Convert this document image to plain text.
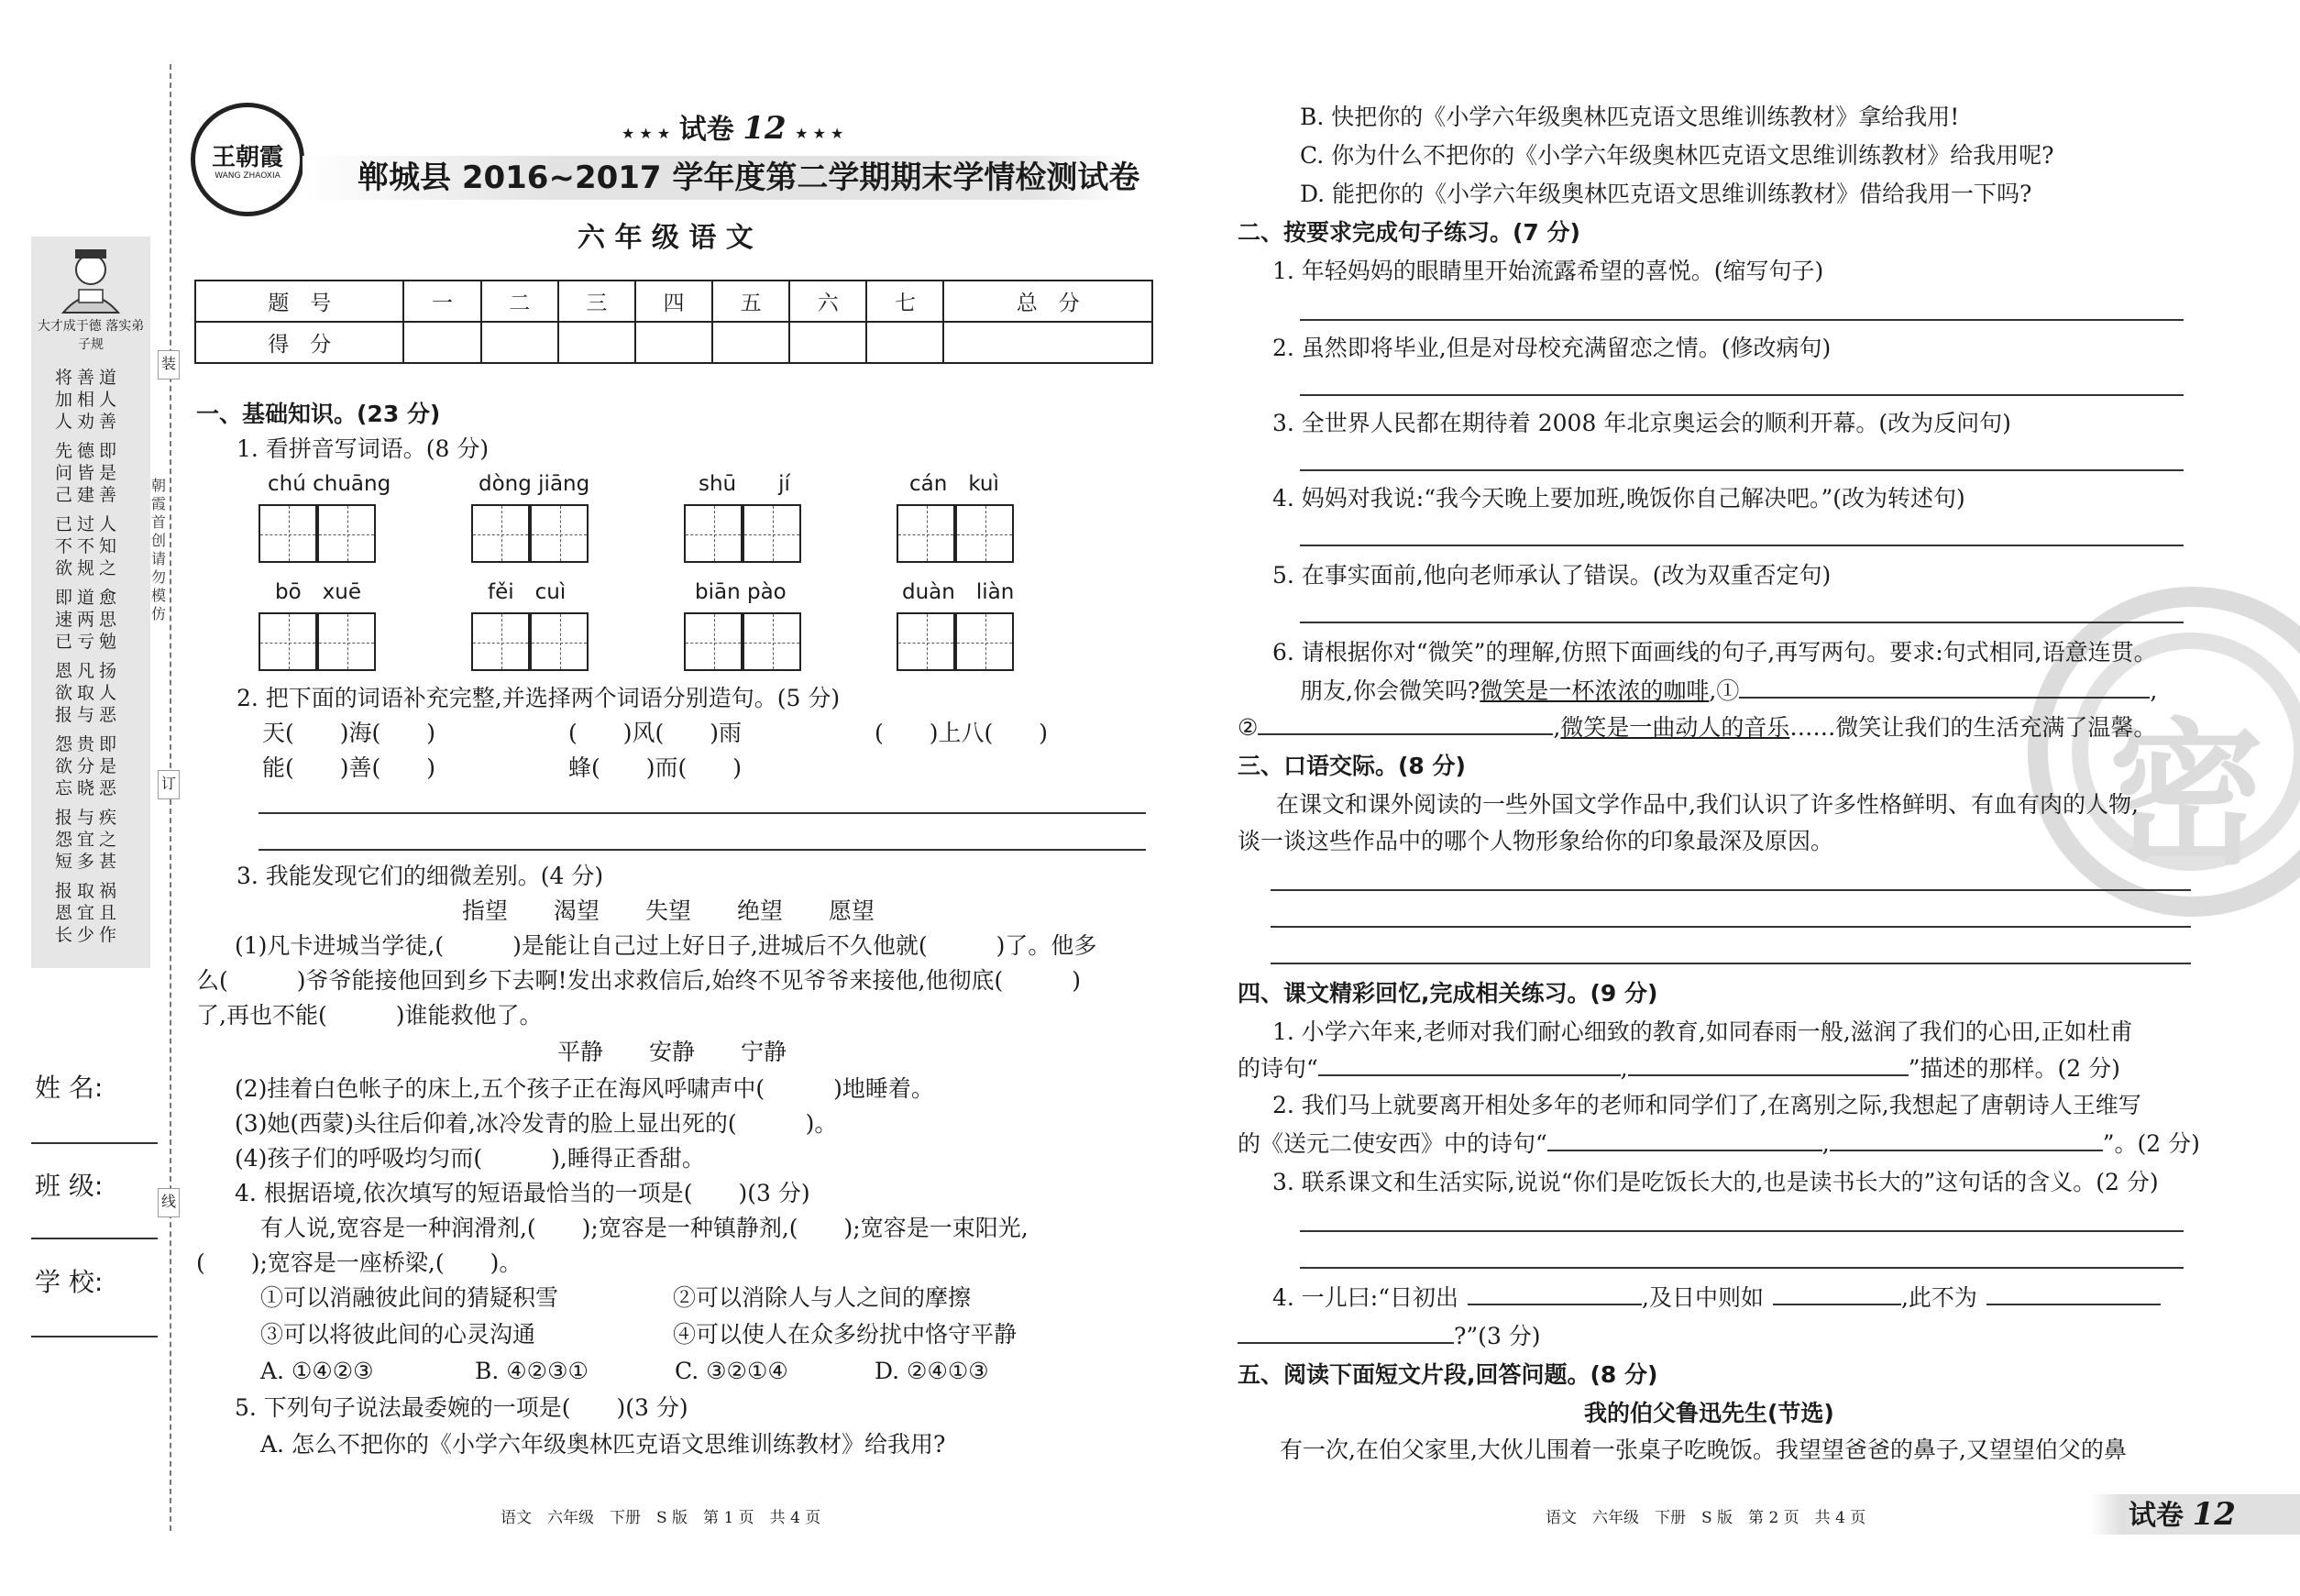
装
订
线
朝霞首创 请勿模仿
大才成于德 落实弟子规
将加人
善相劝
道人善
先问己
德皆建
即是善
已不欲
过不规
人知之
即速已
道两亏
愈思勉
恩欲报
凡取与
扬人恶
怨欲忘
贵分晓
即是恶
报怨短
与宜多
疾之甚
报恩长
取宜少
祸且作
姓 名:
班 级:
学 校:
王朝霞
WANG ZHAOXIA
★ ★ ★ 试卷 12 ★ ★ ★
郸城县 2016~2017 学年度第二学期期末学情检测试卷
六 年 级 语 文
题　号	一	二	三	四	五	六	七	总　分
得　分								
一、基础知识。(23 分)
1. 看拼音写词语。(8 分)
chú chuāng	dòng jiāng	shū　　jí	cán　kuì
bō　xuē	fěi　cuì	biān pào	duàn　liàn
2. 把下面的词语补充完整,并选择两个词语分别造句。(5 分)
天(　　)海(　　)	(　　)风(　　)雨	(　　)上八(　　)
能(　　)善(　　)	蜂(　　)而(　　)
3. 我能发现它们的细微差别。(4 分)
指望　　渴望　　失望　　绝望　　愿望
(1)凡卡进城当学徒,(　　　)是能让自己过上好日子,进城后不久他就(　　　)了。他多
么(　　　)爷爷能接他回到乡下去啊!发出求救信后,始终不见爷爷来接他,他彻底(　　　)
了,再也不能(　　　)谁能救他了。
平静　　安静　　宁静
(2)挂着白色帐子的床上,五个孩子正在海风呼啸声中(　　　)地睡着。
(3)她(西蒙)头往后仰着,冰冷发青的脸上显出死的(　　　)。
(4)孩子们的呼吸均匀而(　　　),睡得正香甜。
4. 根据语境,依次填写的短语最恰当的一项是(　　)(3 分)
有人说,宽容是一种润滑剂,(　　);宽容是一种镇静剂,(　　);宽容是一束阳光,
(　　);宽容是一座桥梁,(　　)。
①可以消融彼此间的猜疑积雪	②可以消除人与人之间的摩擦
③可以将彼此间的心灵沟通	④可以使人在众多纷扰中恪守平静
A. ①④②③	B. ④②③①	C. ③②①④	D. ②④①③
5. 下列句子说法最委婉的一项是(　　)(3 分)
A. 怎么不把你的《小学六年级奥林匹克语文思维训练教材》给我用?
语文　六年级　下册　S 版　第 1 页　共 4 页
密
B. 快把你的《小学六年级奥林匹克语文思维训练教材》拿给我用!
C. 你为什么不把你的《小学六年级奥林匹克语文思维训练教材》给我用呢?
D. 能把你的《小学六年级奥林匹克语文思维训练教材》借给我用一下吗?
二、按要求完成句子练习。(7 分)
1. 年轻妈妈的眼睛里开始流露希望的喜悦。(缩写句子)
2. 虽然即将毕业,但是对母校充满留恋之情。(修改病句)
3. 全世界人民都在期待着 2008 年北京奥运会的顺利开幕。(改为反问句)
4. 妈妈对我说:“我今天晚上要加班,晚饭你自己解决吧。”(改为转述句)
5. 在事实面前,他向老师承认了错误。(改为双重否定句)
6. 请根据你对“微笑”的理解,仿照下面画线的句子,再写两句。要求:句式相同,语意连贯。
朋友,你会微笑吗?微笑是一杯浓浓的咖啡,①	,
②	,微笑是一曲动人的音乐……微笑让我们的生活充满了温馨。
三、口语交际。(8 分)
在课文和课外阅读的一些外国文学作品中,我们认识了许多性格鲜明、有血有肉的人物,
谈一谈这些作品中的哪个人物形象给你的印象最深及原因。
四、课文精彩回忆,完成相关练习。(9 分)
1. 小学六年来,老师对我们耐心细致的教育,如同春雨一般,滋润了我们的心田,正如杜甫
的诗句“	,	”描述的那样。(2 分)
2. 我们马上就要离开相处多年的老师和同学们了,在离别之际,我想起了唐朝诗人王维写
的《送元二使安西》中的诗句“	,	”。(2 分)
3. 联系课文和生活实际,说说“你们是吃饭长大的,也是读书长大的”这句话的含义。(2 分)
4. 一儿曰:“日初出	,及日中则如	,此不为
?”(3 分)
五、阅读下面短文片段,回答问题。(8 分)
我的伯父鲁迅先生(节选)
有一次,在伯父家里,大伙儿围着一张桌子吃晚饭。我望望爸爸的鼻子,又望望伯父的鼻
语文　六年级　下册　S 版　第 2 页　共 4 页	试卷 12
